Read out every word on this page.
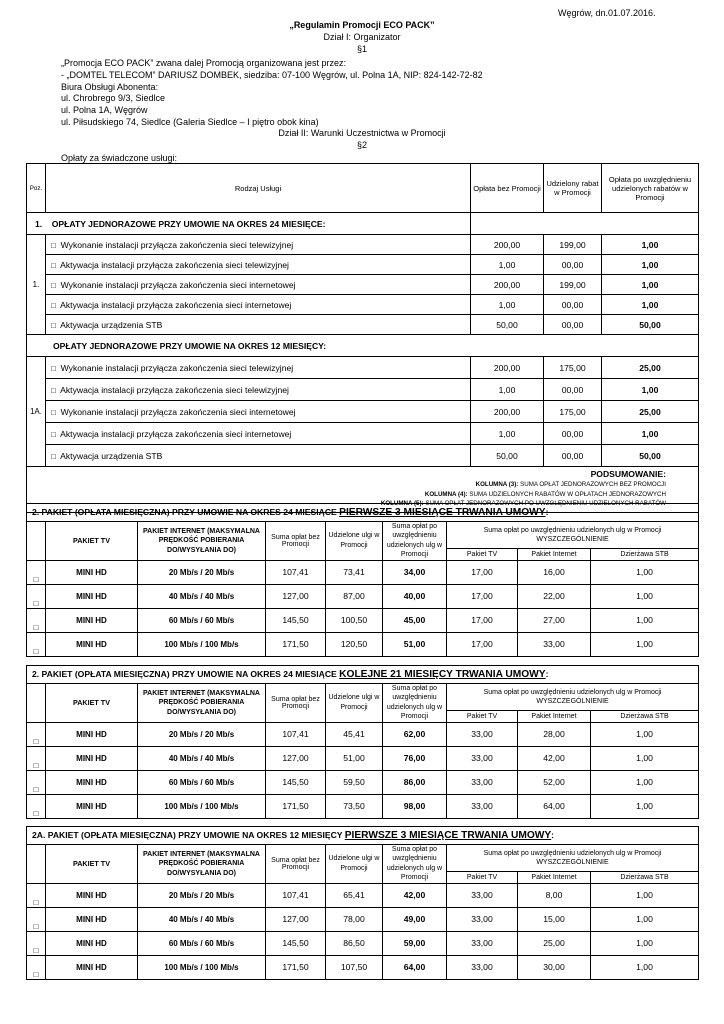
Węgrów, dn.01.07.2016.
„Regulamin Promocji ECO PACK”
Dział I: Organizator
§1
„Promocja ECO PACK” zwana dalej Promocją organizowana jest przez:
- „DOMTEL TELECOM” DARIUSZ DOMBEK, siedziba: 07-100 Węgrów, ul. Polna 1A, NIP: 824-142-72-82
Biura Obsługi Abonenta:
ul. Chrobrego 9/3, Siedlce
ul. Polna 1A, Węgrów
ul. Piłsudskiego 74, Siedlce (Galeria Siedlce – I piętro obok kina)
Dział II: Warunki Uczestnictwa w Promocji
§2
Opłaty za świadczone usługi:
Poz.	Rodzaj Usługi	Opłata bez Promocji	Udzielony rabat w Promocji	Opłata po uwzględnieniu udzielonych rabatów w Promocji
1. OPŁATY JEDNORAZOWE PRZY UMOWIE NA OKRES 24 MIESIĘCE:				
1.	□ Wykonanie instalacji przyłącza zakończenia sieci telewizyjnej	200,00	199,00	1,00
	□ Aktywacja instalacji przyłącza zakończenia sieci telewizyjnej	1,00	00,00	1,00
	□ Wykonanie instalacji przyłącza zakończenia sieci internetowej	200,00	199,00	1,00
	□ Aktywacja instalacji przyłącza zakończenia sieci internetowej	1,00	00,00	1,00
	□ Aktywacja urządzenia STB	50,00	00,00	50,00
OPŁATY JEDNORAZOWE PRZY UMOWIE NA OKRES 12 MIESIĘCY:				
1A.	□ Wykonanie instalacji przyłącza zakończenia sieci telewizyjnej	200,00	175,00	25,00
	□ Aktywacja instalacji przyłącza zakończenia sieci telewizyjnej	1,00	00,00	1,00
	□ Wykonanie instalacji przyłącza zakończenia sieci internetowej	200,00	175,00	25,00
	□ Aktywacja instalacji przyłącza zakończenia sieci internetowej	1,00	00,00	1,00
	□ Aktywacja urządzenia STB	50,00	00,00	50,00

	PODSUMOWANIE:
KOLUMNA (3): SUMA OPŁAT JEDNORAZOWYCH BEZ PROMOCJI
KOLUMNA (4): SUMA UDZIELONYCH RABATÓW W OPŁATACH JEDNORAZOWYCH
KOLUMNA (5): SUMA OPŁAT JEDNORAZOWYCH PO UWZGLĘDNIENIU UDZIELONYCH RABATÓW			
2. PAKIET (OPŁATA MIESIĘCZNA) PRZY UMOWIE NA OKRES 24 MIESIĄCE PIERWSZE 3 MIESIĄCE TRWANIA UMOWY:								
	PAKIET TV	PAKIET INTERNET (MAKSYMALNA PRĘDKOŚĆ POBIERANIA DO/WYSYŁANIA DO)	Suma opłat bez Promocji	Udzielone ulgi w Promocji	Suma opłat po uwzględnieniu udzielonych ulg w Promocji	Suma opłat po uwzględnieniu udzielonych ulg w Promocji WYSZCZEGÓLNIENIE		
						Pakiet TV	Pakiet Internet	Dzierżawa STB
□	MINI HD	20 Mb/s / 20 Mb/s	107,41	73,41	34,00	17,00	16,00	1,00
□	MINI HD	40 Mb/s / 40 Mb/s	127,00	87,00	40,00	17,00	22,00	1,00
□	MINI HD	60 Mb/s / 60 Mb/s	145,50	100,50	45,00	17,00	27,00	1,00
□	MINI HD	100 Mb/s / 100 Mb/s	171,50	120,50	51,00	17,00	33,00	1,00
2. PAKIET (OPŁATA MIESIĘCZNA) PRZY UMOWIE NA OKRES 24 MIESIĄCE KOLEJNE 21 MIESIĘCY TRWANIA UMOWY:								
	PAKIET TV	PAKIET INTERNET (MAKSYMALNA PRĘDKOŚĆ POBIERANIA DO/WYSYŁANIA DO)	Suma opłat bez Promocji	Udzielone ulgi w Promocji	Suma opłat po uwzględnieniu udzielonych ulg w Promocji	Suma opłat po uwzględnieniu udzielonych ulg w Promocji WYSZCZEGÓLNIENIE		
						Pakiet TV	Pakiet Internet	Dzierżawa STB
□	MINI HD	20 Mb/s / 20 Mb/s	107,41	45,41	62,00	33,00	28,00	1,00
□	MINI HD	40 Mb/s / 40 Mb/s	127,00	51,00	76,00	33,00	42,00	1,00
□	MINI HD	60 Mb/s / 60 Mb/s	145,50	59,50	86,00	33,00	52,00	1,00
□	MINI HD	100 Mb/s / 100 Mb/s	171,50	73,50	98,00	33,00	64,00	1,00
2A. PAKIET (OPŁATA MIESIĘCZNA) PRZY UMOWIE NA OKRES 12 MIESIĘCY PIERWSZE 3 MIESIĄCE TRWANIA UMOWY:								
	PAKIET TV	PAKIET INTERNET (MAKSYMALNA PRĘDKOŚĆ POBIERANIA DO/WYSYŁANIA DO)	Suma opłat bez Promocji	Udzielone ulgi w Promocji	Suma opłat po uwzględnieniu udzielonych ulg w Promocji	Suma opłat po uwzględnieniu udzielonych ulg w Promocji WYSZCZEGÓLNIENIE		
						Pakiet TV	Pakiet Internet	Dzierżawa STB
□	MINI HD	20 Mb/s / 20 Mb/s	107,41	65,41	42,00	33,00	8,00	1,00
□	MINI HD	40 Mb/s / 40 Mb/s	127,00	78,00	49,00	33,00	15,00	1,00
□	MINI HD	60 Mb/s / 60 Mb/s	145,50	86,50	59,00	33,00	25,00	1,00
□	MINI HD	100 Mb/s / 100 Mb/s	171,50	107,50	64,00	33,00	30,00	1,00
